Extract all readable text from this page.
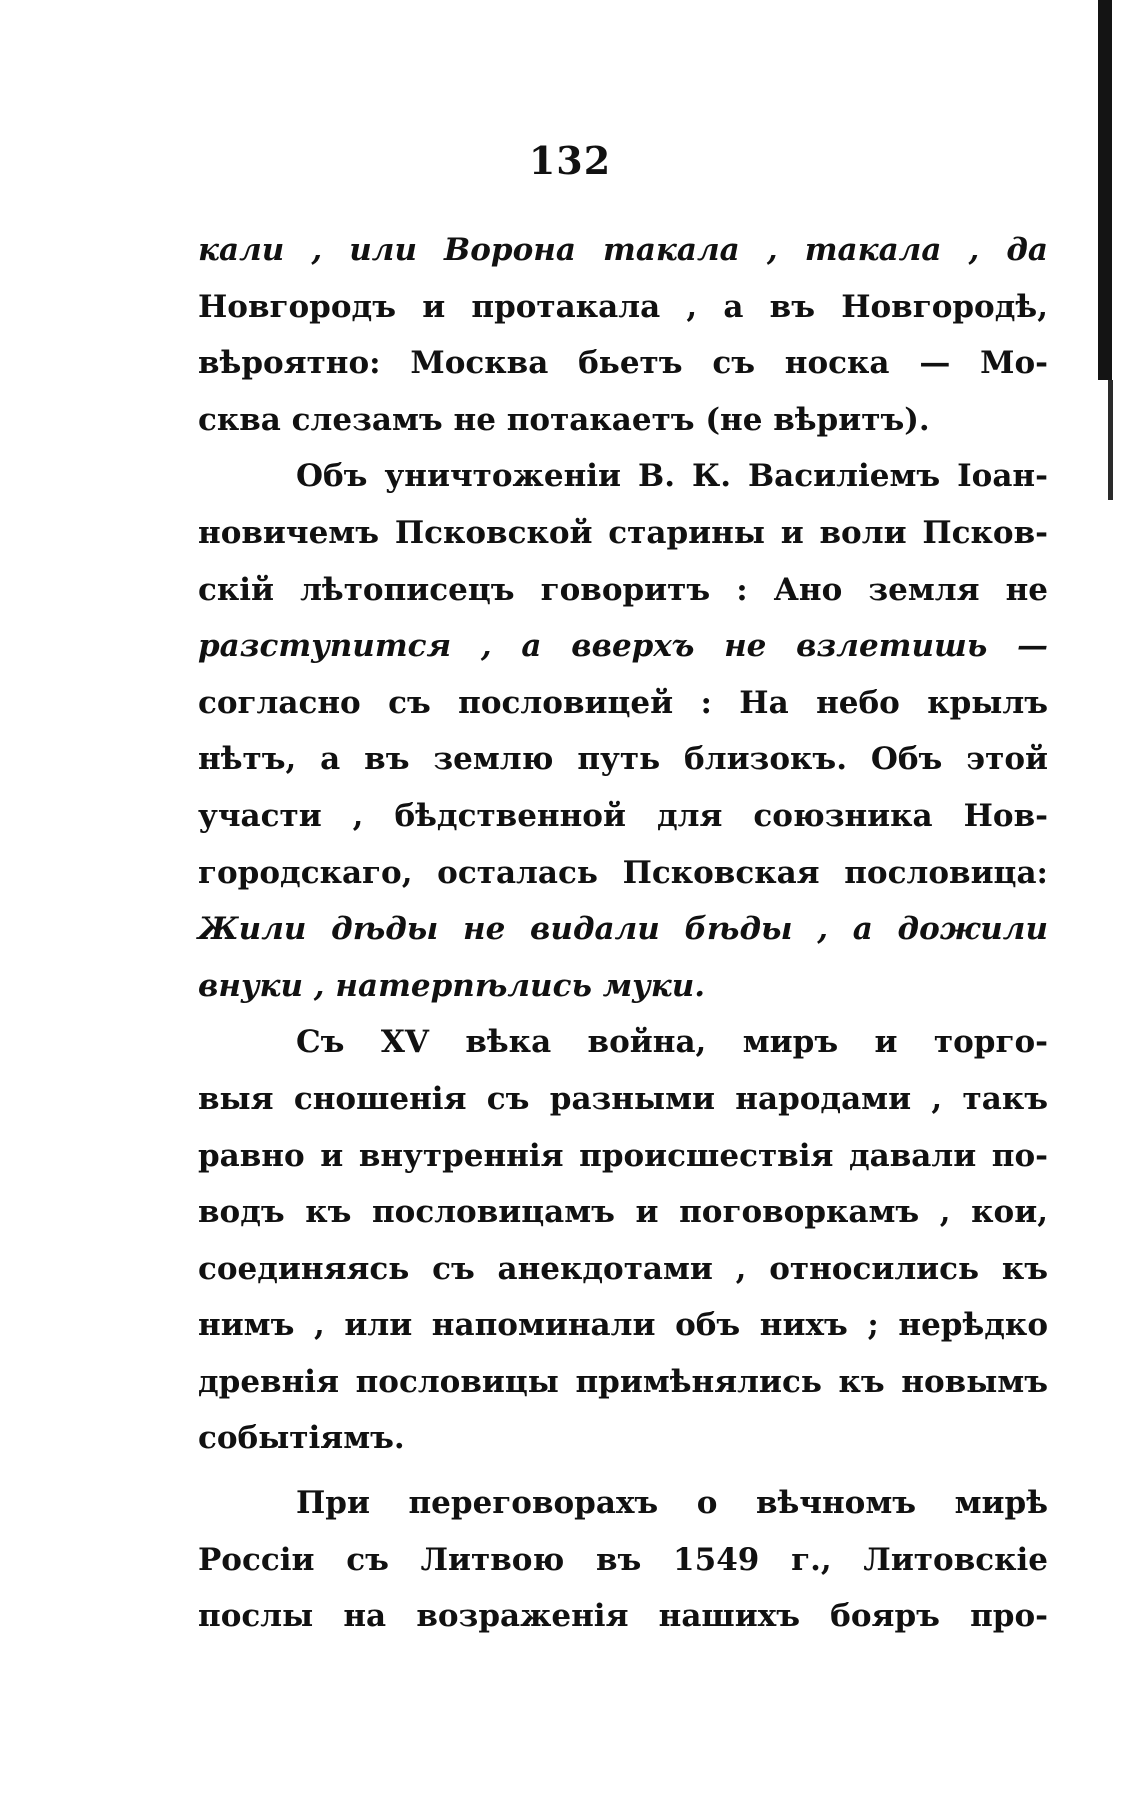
132
кали , или Ворона такала , такала , да
Новгородъ и протакала , а въ Новгородѣ,
вѣроятно: Москва бьетъ съ носка — Мо-
сква слезамъ не потакаетъ (не вѣритъ).
Объ уничтоженіи В. К. Василіемъ Іоан-
новичемъ Псковской старины и воли Псков-
скій лѣтописецъ говоритъ : Ано земля не
разступится , а вверхъ не взлетишь —
согласно съ пословицей : На небо крылъ
нѣтъ, а въ землю путь близокъ. Объ этой
участи , бѣдственной для союзника Нов-
городскаго, осталась Псковская пословица:
Жили дѣды не видали бѣды , а дожили
внуки , натерпѣлись муки.
Съ XV вѣка война, миръ и торго-
выя сношенія съ разными народами , такъ
равно и внутреннія происшествія давали по-
водъ къ пословицамъ и поговоркамъ , кои,
соединяясь съ анекдотами , относились къ
нимъ , или напоминали объ нихъ ; нерѣдко
древнія пословицы примѣнялись къ новымъ
событіямъ.
При переговорахъ о вѣчномъ мирѣ
Россіи съ Литвою въ 1549 г., Литовскіе
послы на возраженія нашихъ бояръ про-
